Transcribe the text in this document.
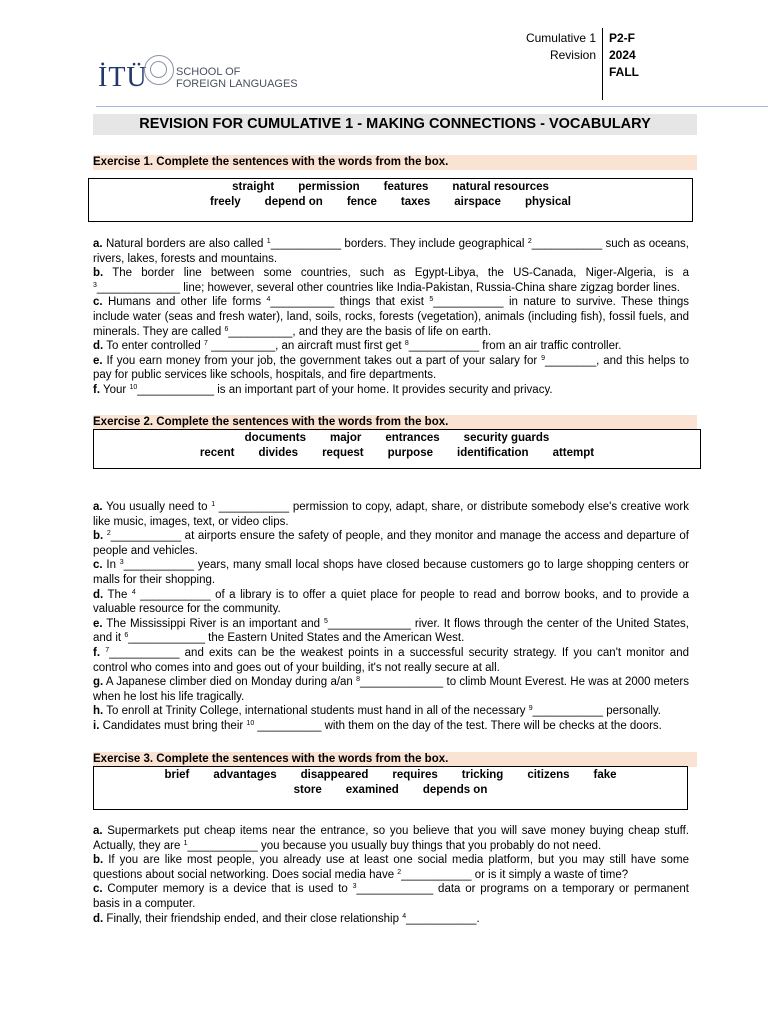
İTÜ	SCHOOL OF
FOREIGN LANGUAGES
Cumulative 1
Revision
P2-F
2024
FALL
REVISION FOR CUMULATIVE 1 - MAKING CONNECTIONS - VOCABULARY
Exercise 1. Complete the sentences with the words from the box.
straight permission features natural resources
freely depend on fence taxes airspace physical
a. Natural borders are also called $^1$___________ borders. They include geographical $^2$___________ such as oceans, rivers, lakes, forests and mountains.
b. The border line between some countries, such as Egypt-Libya, the US-Canada, Niger-Algeria, is a $^3$_____________ line; however, several other countries like India-Pakistan, Russia-China share zigzag border lines.
c. Humans and other life forms $^4$__________ things that exist $^5$___________ in nature to survive. These things include water (seas and fresh water), land, soils, rocks, forests (vegetation), animals (including fish), fossil fuels, and minerals. They are called $^6$__________, and they are the basis of life on earth.
d. To enter controlled $^7$ __________, an aircraft must first get $^8$___________ from an air traffic controller.
e. If you earn money from your job, the government takes out a part of your salary for $^9$________, and this helps to pay for public services like schools, hospitals, and fire departments.
f. Your $^{10}$____________ is an important part of your home. It provides security and privacy.
Exercise 2. Complete the sentences with the words from the box.
documents major entrances security guards
recent divides request purpose identification attempt
a. You usually need to $^1$ ___________ permission to copy, adapt, share, or distribute somebody else's creative work like music, images, text, or video clips.
b. $^2$___________ at airports ensure the safety of people, and they monitor and manage the access and departure of people and vehicles.
c. In $^3$___________ years, many small local shops have closed because customers go to large shopping centers or malls for their shopping.
d. The $^4$ ___________ of a library is to offer a quiet place for people to read and borrow books, and to provide a valuable resource for the community.
e. The Mississippi River is an important and $^5$_____________ river. It flows through the center of the United States, and it $^6$____________ the Eastern United States and the American West.
f. $^7$___________ and exits can be the weakest points in a successful security strategy. If you can't monitor and control who comes into and goes out of your building, it's not really secure at all.
g. A Japanese climber died on Monday during a/an $^8$_____________ to climb Mount Everest. He was at 2000 meters when he lost his life tragically.
h. To enroll at Trinity College, international students must hand in all of the necessary $^9$___________ personally.
i. Candidates must bring their $^{10}$ __________ with them on the day of the test. There will be checks at the doors.
Exercise 3. Complete the sentences with the words from the box.
brief advantages disappeared requires tricking citizens fake
store examined depends on
a. Supermarkets put cheap items near the entrance, so you believe that you will save money buying cheap stuff. Actually, they are $^1$___________ you because you usually buy things that you probably do not need.
b. If you are like most people, you already use at least one social media platform, but you may still have some questions about social networking. Does social media have $^2$___________ or is it simply a waste of time?
c. Computer memory is a device that is used to $^3$____________ data or programs on a temporary or permanent basis in a computer.
d. Finally, their friendship ended, and their close relationship $^4$___________.
